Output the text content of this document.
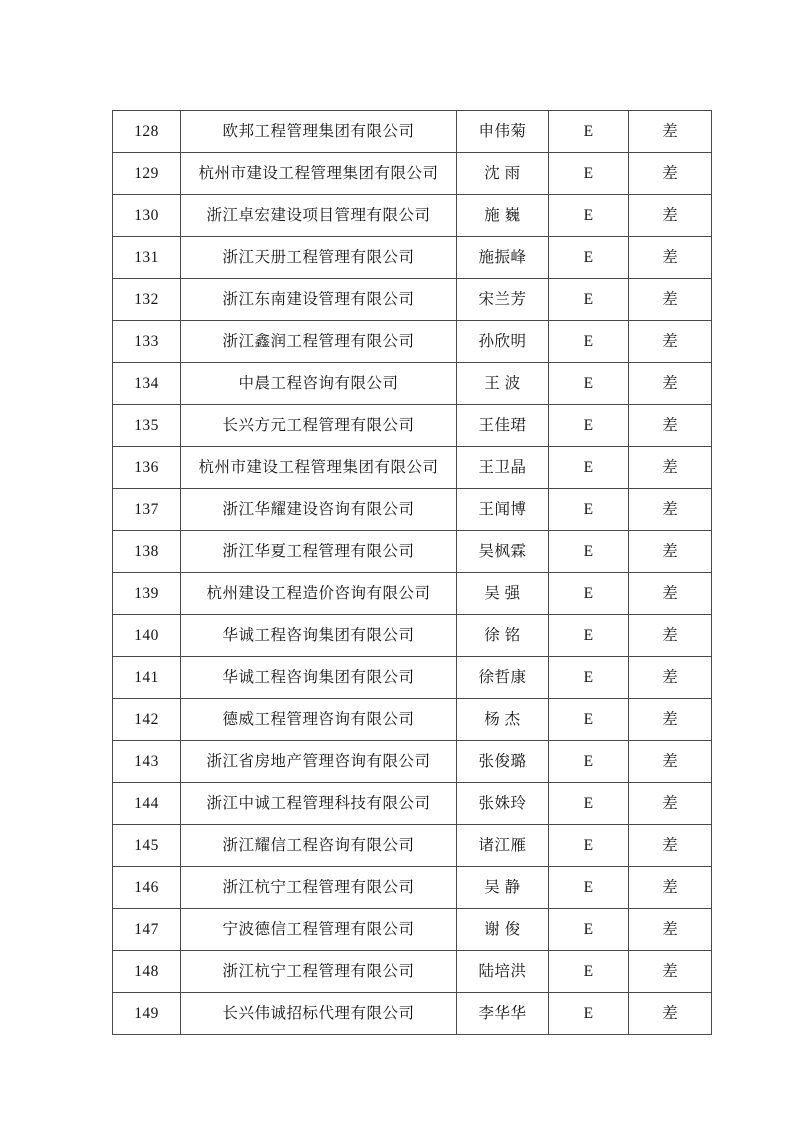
128	欧邦工程管理集团有限公司	申伟菊	E	差
129	杭州市建设工程管理集团有限公司	沈 雨	E	差
130	浙江卓宏建设项目管理有限公司	施 巍	E	差
131	浙江天册工程管理有限公司	施振峰	E	差
132	浙江东南建设管理有限公司	宋兰芳	E	差
133	浙江鑫润工程管理有限公司	孙欣明	E	差
134	中晨工程咨询有限公司	王 波	E	差
135	长兴方元工程管理有限公司	王佳珺	E	差
136	杭州市建设工程管理集团有限公司	王卫晶	E	差
137	浙江华耀建设咨询有限公司	王闻博	E	差
138	浙江华夏工程管理有限公司	吴枫霖	E	差
139	杭州建设工程造价咨询有限公司	吴 强	E	差
140	华诚工程咨询集团有限公司	徐 铭	E	差
141	华诚工程咨询集团有限公司	徐哲康	E	差
142	德威工程管理咨询有限公司	杨 杰	E	差
143	浙江省房地产管理咨询有限公司	张俊璐	E	差
144	浙江中诚工程管理科技有限公司	张姝玲	E	差
145	浙江耀信工程咨询有限公司	诸江雁	E	差
146	浙江杭宁工程管理有限公司	吴 静	E	差
147	宁波德信工程管理有限公司	谢 俊	E	差
148	浙江杭宁工程管理有限公司	陆培洪	E	差
149	长兴伟诚招标代理有限公司	李华华	E	差
